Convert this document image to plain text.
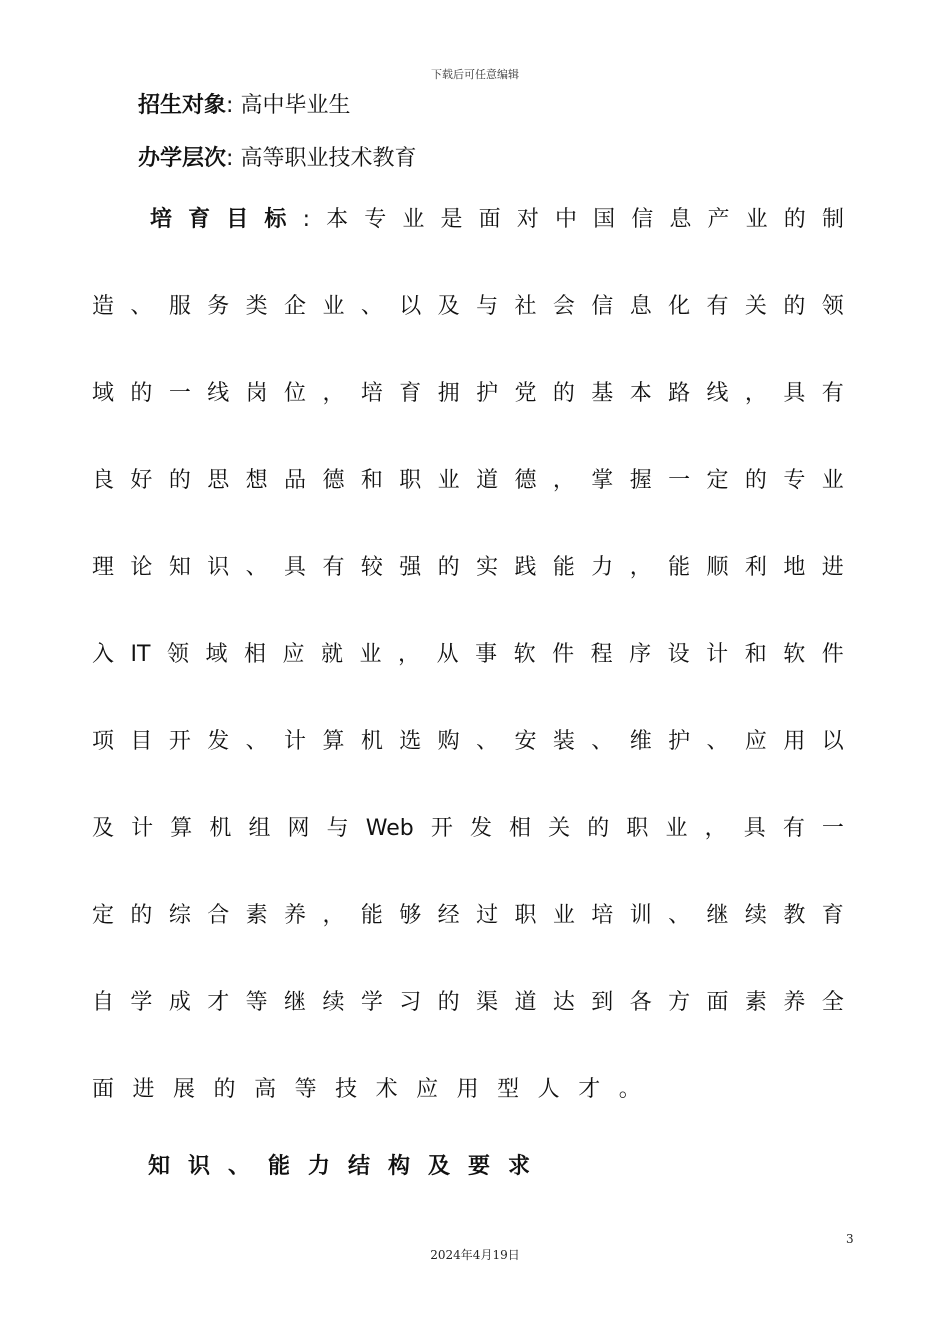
下载后可任意编辑
招生对象: 高中毕业生
办学层次: 高等职业技术教育
培 育 目 标 : 本 专 业 是 面 对 中 国 信 息 产 业 的 制
造 、 服 务 类 企 业 、 以 及 与 社 会 信 息 化 有 关 的 领
域 的 一 线 岗 位 ， 培 育 拥 护 党 的 基 本 路 线 ， 具 有
良 好 的 思 想 品 德 和 职 业 道 德 ， 掌 握 一 定 的 专 业
理 论 知 识 、 具 有 较 强 的 实 践 能 力 ， 能 顺 利 地 进
入 IT 领 域 相 应 就 业 ， 从 事 软 件 程 序 设 计 和 软 件
项 目 开 发 、 计 算 机 选 购 、 安 装 、 维 护 、 应 用 以
及 计 算 机 组 网 与 Web 开 发 相 关 的 职 业 ， 具 有 一
定 的 综 合 素 养 ， 能 够 经 过 职 业 培 训 、 继 续 教 育
自 学 成 才 等 继 续 学 习 的 渠 道 达 到 各 方 面 素 养 全
面 进 展 的 高 等 技 术 应 用 型 人 才 。
知识、能力结构及要求
3
2024年4月19日
